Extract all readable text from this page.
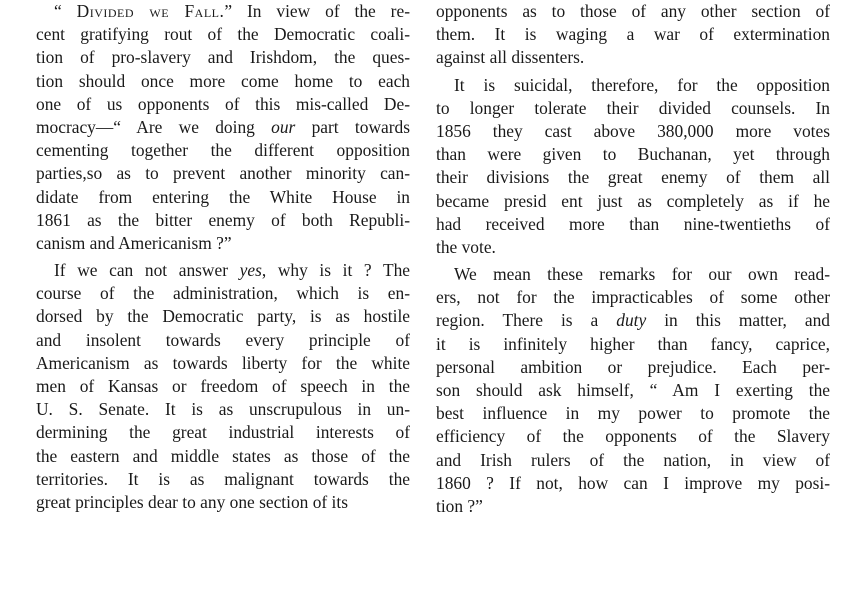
“ Divided we Fall.” In view of the re-
cent gratifying rout of the Democratic coali-
tion of pro-slavery and Irishdom, the ques-
tion should once more come home to each
one of us opponents of this mis-called De-
mocracy—“ Are we doing our part towards
cementing together the different opposition
parties,so as to prevent another minority can-
didate from entering the White House in
1861 as the bitter enemy of both Republi-
canism and Americanism ?”
If we can not answer yes, why is it ? The
course of the administration, which is en-
dorsed by the Democratic party, is as hostile
and insolent towards every principle of
Americanism as towards liberty for the white
men of Kansas or freedom of speech in the
U. S. Senate. It is as unscrupulous in un-
dermining the great industrial interests of
the eastern and middle states as those of the
territories. It is as malignant towards the
great principles dear to any one section of its
opponents as to those of any other section of
them. It is waging a war of extermination
against all dissenters.
It is suicidal, therefore, for the opposition
to longer tolerate their divided counsels. In
1856 they cast above 380,000 more votes
than were given to Buchanan, yet through
their divisions the great enemy of them all
became presid ent just as completely as if he
had received more than nine-twentieths of
the vote.
We mean these remarks for our own read-
ers, not for the impracticables of some other
region. There is a duty in this matter, and
it is infinitely higher than fancy, caprice,
personal ambition or prejudice. Each per-
son should ask himself, “ Am I exerting the
best influence in my power to promote the
efficiency of the opponents of the Slavery
and Irish rulers of the nation, in view of
1860 ? If not, how can I improve my posi-
tion ?”
